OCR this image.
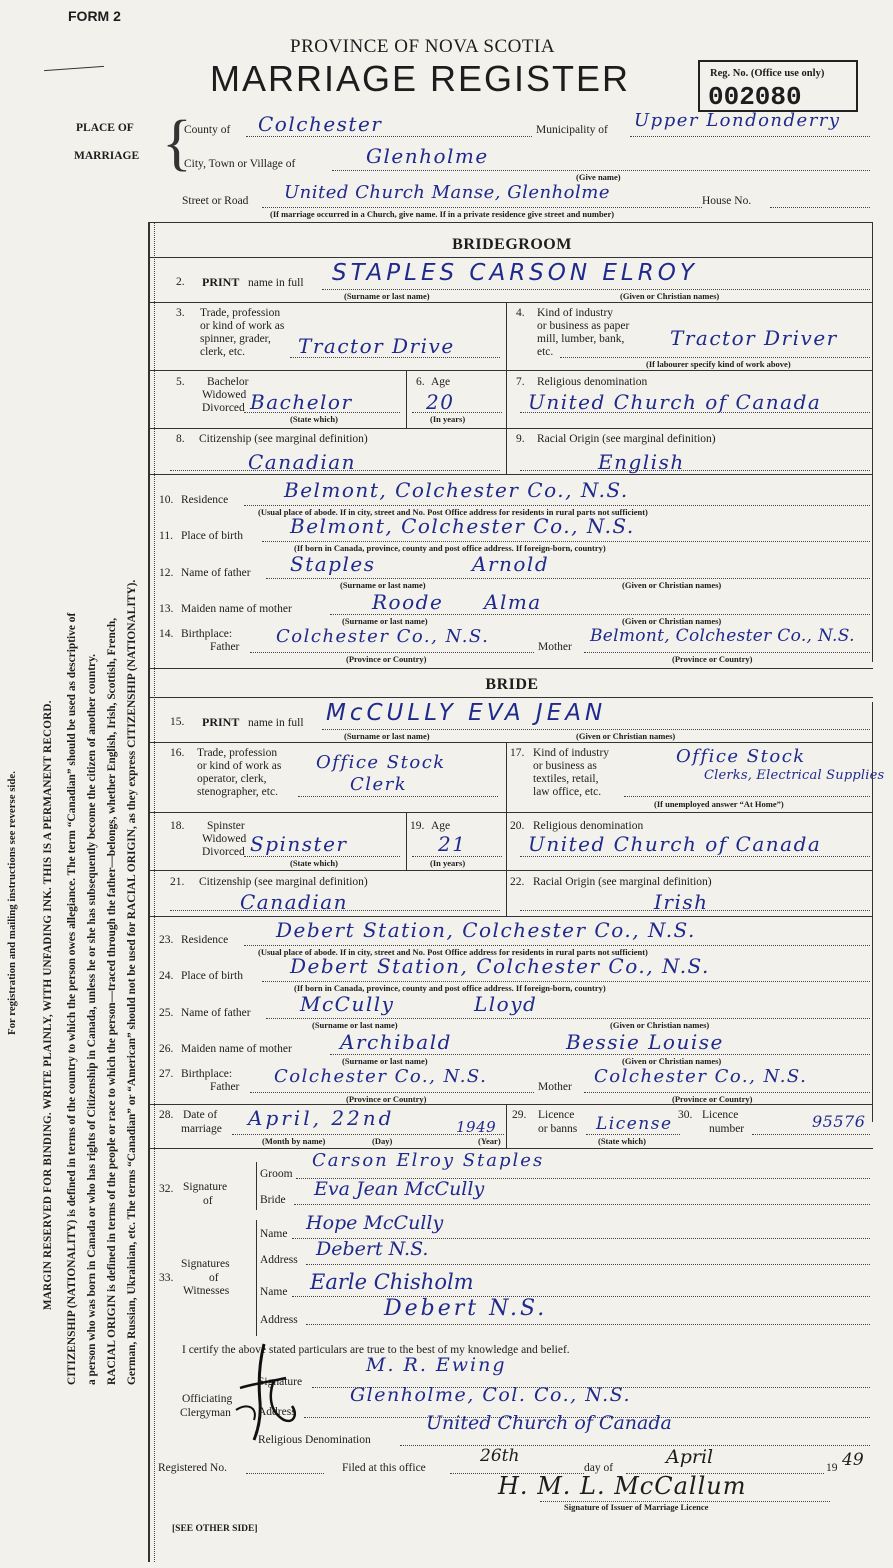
FORM 2
PROVINCE OF NOVA SCOTIA
MARRIAGE REGISTER	Reg. No. (Office use only)
002080
PLACE OF
MARRIAGE {
County of Colchester	Municipality of Upper Londonderry
City, Town or Village of	Glenholme
(Give name)
Street or Road United Church Manse, Glenholme	House No.
(If marriage occurred in a Church, give name. If in a private residence give street and number)
For registration and mailing instructions see reverse side. MARGIN RESERVED FOR BINDING. WRITE PLAINLY, WITH UNFADING INK. THIS IS A PERMANENT RECORD. CITIZENSHIP (NATIONALITY) is defined in terms of the country to which the person owes allegiance. The term “Canadian” should be used as descriptive of a person who was born in Canada or who has rights of Citizenship in Canada, unless he or she has subsequently become the citizen of another country. RACIAL ORIGIN is defined in terms of the people or race to which the person—traced through the father—belongs, whether English, Irish, Scottish, French, German, Russian, Ukrainian, etc. The terms “Canadian” or “American” should not be used for RACIAL ORIGIN, as they express CITIZENSHIP (NATIONALITY).
BRIDEGROOM
2. PRINT name in full STAPLES CARSON ELROY
(Surname or last name)	(Given or Christian names)
3. Trade, profession
or kind of work as
spinner, grader,
clerk, etc.	Tractor Drive
4. Kind of industry
or business as paper
mill, lumber, bank,
etc.
Tractor Driver
(If labourer specify kind of work above)
5. Bachelor
Widowed
Divorced Bachelor
(State which)
6. Age
20
(In years)
7. Religious denomination
United Church of Canada
8. Citizenship (see marginal definition)
Canadian
9. Racial Origin (see marginal definition)
English
10. Residence	Belmont, Colchester Co., N.S.
(Usual place of abode. If in city, street and No. Post Office address for residents in rural parts not sufficient)
11. Place of birth Belmont, Colchester Co., N.S.
(If born in Canada, province, county and post office address. If foreign-born, country)
12. Name of father Staples	Arnold
(Surname or last name)	(Given or Christian names)
13. Maiden name of mother	Roode Alma
(Surname or last name)	(Given or Christian names)
14. Birthplace:
Father Colchester Co., N.S.
(Province or Country)
Mother
Belmont, Colchester Co., N.S.
(Province or Country)
BRIDE
15. PRINT name in full McCULLY EVA JEAN
(Surname or last name)	(Given or Christian names)
16. Trade, profession
or kind of work as
operator, clerk,
stenographer, etc.
Office Stock
Clerk
17. Kind of industry
or business as
textiles, retail,
law office, etc.
Office Stock
Clerks, Electrical Supplies
(If unemployed answer “At Home”)
18. Spinster
Widowed
Divorced Spinster
(State which)
19. Age
21
(In years)
20. Religious denomination
United Church of Canada
21. Citizenship (see marginal definition)
Canadian
22. Racial Origin (see marginal definition)
Irish
23. Residence Debert Station, Colchester Co., N.S.
(Usual place of abode. If in city, street and No. Post Office address for residents in rural parts not sufficient)
24. Place of birth Debert Station, Colchester Co., N.S.
(If born in Canada, province, county and post office address. If foreign-born, country)
25. Name of father McCully	Lloyd
(Surname or last name)	(Given or Christian names)
26. Maiden name of mother Archibald	Bessie Louise
(Surname or last name)	(Given or Christian names)
27. Birthplace:
Father Colchester Co., N.S.
(Province or Country)
Mother Colchester Co., N.S.
(Province or Country)
28. Date of
marriage April, 22nd	1949
(Month by name)	(Day)	(Year)
29. Licence
or banns License
(State which)
30. Licence
number	95576
32. Signature
of
Groom
Carson Elroy Staples
Bride Eva Jean McCully
33.
Signatures
of
Witnesses
Name Hope McCully
Address Debert N.S.
Name Earle Chisholm
Address	Debert N.S.
I certify the above stated particulars are true to the best of my knowledge and belief.
Officiating
Clergyman
Signature
M. R. Ewing
Address
Glenholme, Col. Co., N.S.
Religious Denomination
United Church of Canada
Registered No.	Filed at this office
26th
day of	April	19 49
H. M. L. McCallum
Signature of Issuer of Marriage Licence
[SEE OTHER SIDE]
